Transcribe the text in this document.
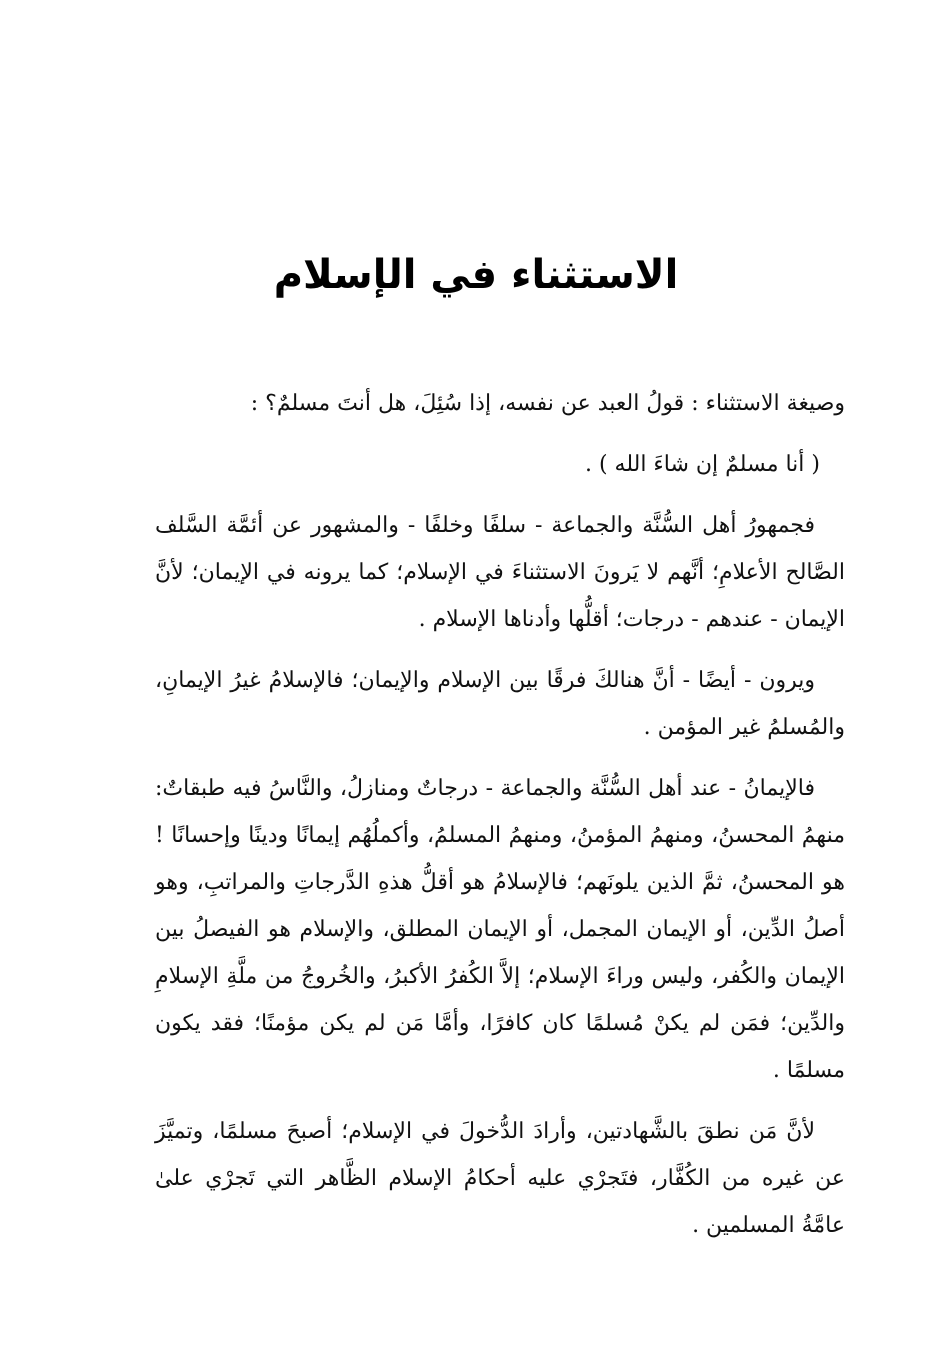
الاستثناء في الإسلام

وصيغة الاستثناء : قولُ العبد عن نفسه، إذا سُئِلَ، هل أنتَ مسلمٌ؟ :

( أنا مسلمٌ إن شاءَ الله ) .

فجمهورُ أهل السُّنَّة والجماعة - سلفًا وخلفًا - والمشهور عن أئمَّة السَّلف الصَّالح الأعلامِ؛ أنَّهم لا يَرونَ الاستثناءَ في الإسلام؛ كما يرونه في الإيمان؛ لأنَّ الإيمان - عندهم - درجات؛ أقلُّها وأدناها الإسلام .

ويرون - أيضًا - أنَّ هنالكَ فرقًا بين الإسلام والإيمان؛ فالإسلامُ غيرُ الإيمانِ، والمُسلمُ غير المؤمن .

فالإيمانُ - عند أهل السُّنَّة والجماعة - درجاتٌ ومنازلُ، والنَّاسُ فيه طبقاتٌ: منهمُ المحسنُ، ومنهمُ المؤمنُ، ومنهمُ المسلمُ، وأكملُهُم إيمانًا ودينًا وإحسانًا ! هو المحسنُ، ثمَّ الذين يلونَهم؛ فالإسلامُ هو أقلُّ هذهِ الدَّرجاتِ والمراتبِ، وهو أصلُ الدِّين، أو الإيمان المجمل، أو الإيمان المطلق، والإسلام هو الفيصلُ بين الإيمان والكُفر، وليس وراءَ الإسلام؛ إلاَّ الكُفرُ الأكبرُ، والخُروجُ من ملَّةِ الإسلامِ والدِّين؛ فمَن لم يكنْ مُسلمًا كان كافرًا، وأمَّا مَن لم يكن مؤمنًا؛ فقد يكون مسلمًا .

لأنَّ مَن نطقَ بالشَّهادتين، وأرادَ الدُّخولَ في الإسلام؛ أصبحَ مسلمًا، وتميَّزَ عن غيره من الكُفَّار، فتَجرْي عليه أحكامُ الإسلام الظَّاهر التي تَجرْي علىٰ عامَّةُ المسلمين .
